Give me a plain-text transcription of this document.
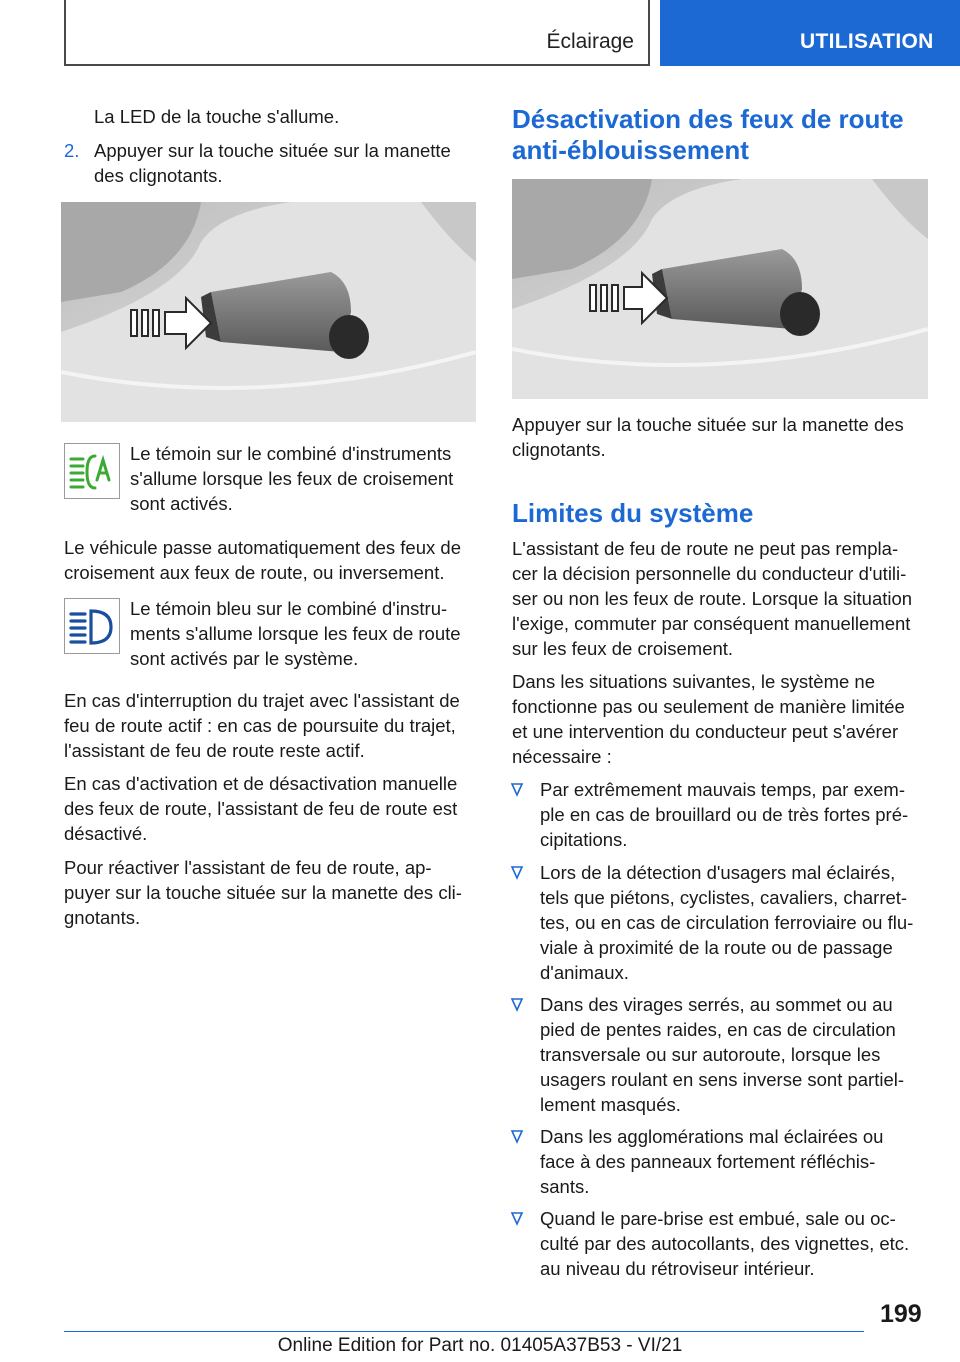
Éclairage	UTILISATION
La LED de la touche s'allume.
2. Appuyer sur la touche située sur la manette
des clignotants.
Le témoin sur le combiné d'instruments
s'allume lorsque les feux de croisement
sont activés.
Le véhicule passe automatiquement des feux de
croisement aux feux de route, ou inversement.
Le témoin bleu sur le combiné d'instru-
ments s'allume lorsque les feux de route
sont activés par le système.
En cas d'interruption du trajet avec l'assistant de
feu de route actif : en cas de poursuite du trajet,
l'assistant de feu de route reste actif.
En cas d'activation et de désactivation manuelle
des feux de route, l'assistant de feu de route est
désactivé.
Pour réactiver l'assistant de feu de route, ap-
puyer sur la touche située sur la manette des cli-
gnotants.
Désactivation des feux de route
anti-éblouissement
Appuyer sur la touche située sur la manette des
clignotants.
Limites du système
L'assistant de feu de route ne peut pas rempla-
cer la décision personnelle du conducteur d'utili-
ser ou non les feux de route. Lorsque la situation
l'exige, commuter par conséquent manuellement
sur les feux de croisement.
Dans les situations suivantes, le système ne
fonctionne pas ou seulement de manière limitée
et une intervention du conducteur peut s'avérer
nécessaire :
Par extrêmement mauvais temps, par exem-
ple en cas de brouillard ou de très fortes pré-
cipitations.
Lors de la détection d'usagers mal éclairés,
tels que piétons, cyclistes, cavaliers, charret-
tes, ou en cas de circulation ferroviaire ou flu-
viale à proximité de la route ou de passage
d'animaux.
Dans des virages serrés, au sommet ou au
pied de pentes raides, en cas de circulation
transversale ou sur autoroute, lorsque les
usagers roulant en sens inverse sont partiel-
lement masqués.
Dans les agglomérations mal éclairées ou
face à des panneaux fortement réfléchis-
sants.
Quand le pare-brise est embué, sale ou oc-
culté par des autocollants, des vignettes, etc.
au niveau du rétroviseur intérieur.
199
Online Edition for Part no. 01405A37B53 - VI/21
